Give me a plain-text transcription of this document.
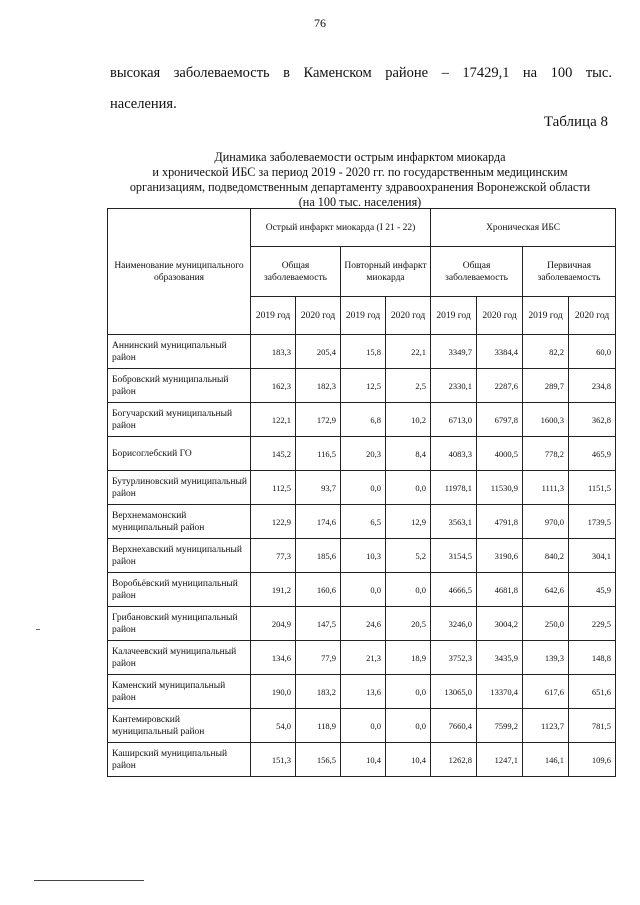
76
высокая заболеваемость в Каменском районе – 17429,1 на 100 тыс.
населения.
Таблица 8
Динамика заболеваемости острым инфарктом миокарда
и хронической ИБС за период 2019 - 2020 гг. по государственным медицинским
организациям, подведомственным департаменту здравоохранения Воронежской области
(на 100 тыс. населения)
Наименование муниципального образования	Острый инфаркт миокарда (I 21 - 22)				Хроническая ИБС			
	Общая заболеваемость		Повторный инфаркт миокарда		Общая заболеваемость		Первичная заболеваемость	
	2019 год	2020 год	2019 год	2020 год	2019 год	2020 год	2019 год	2020 год
Аннинский муниципальный район	183,3	205,4	15,8	22,1	3349,7	3384,4	82,2	60,0
Бобровский муниципальный район	162,3	182,3	12,5	2,5	2330,1	2287,6	289,7	234,8
Богучарский муниципальный район	122,1	172,9	6,8	10,2	6713,0	6797,8	1600,3	362,8
Борисоглебский ГО	145,2	116,5	20,3	8,4	4083,3	4000,5	778,2	465,9
Бутурлиновский муниципальный район	112,5	93,7	0,0	0,0	11978,1	11530,9	1111,3	1151,5
Верхнемамонский муниципальный район	122,9	174,6	6,5	12,9	3563,1	4791,8	970,0	1739,5
Верхнехавский муниципальный район	77,3	185,6	10,3	5,2	3154,5	3190,6	840,2	304,1
Воробьёвский муниципальный район	191,2	160,6	0,0	0,0	4666,5	4681,8	642,6	45,9
Грибановский муниципальный район	204,9	147,5	24,6	20,5	3246,0	3004,2	250,0	229,5
Калачеевский муниципальный район	134,6	77,9	21,3	18,9	3752,3	3435,9	139,3	148,8
Каменский муниципальный район	190,0	183,2	13,6	0,0	13065,0	13370,4	617,6	651,6
Кантемировский муниципальный район	54,0	118,9	0,0	0,0	7660,4	7599,2	1123,7	781,5
Каширский муниципальный район	151,3	156,5	10,4	10,4	1262,8	1247,1	146,1	109,6
